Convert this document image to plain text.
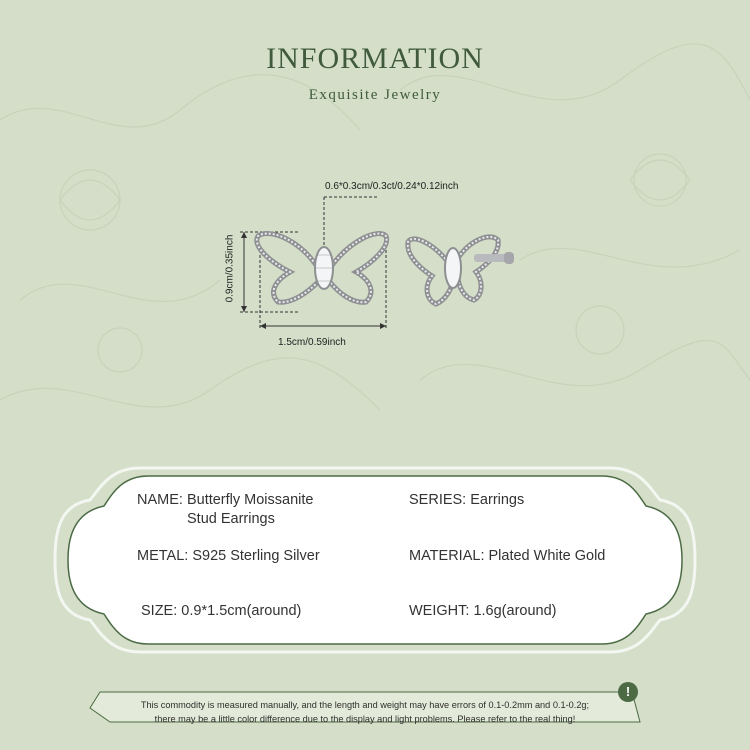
INFORMATION
Exquisite Jewelry
0.6*0.3cm/0.3ct/0.24*0.12inch
0.9cm/0.35inch
1.5cm/0.59inch
NAME: Butterfly Moissanite
Stud Earrings
SERIES: Earrings
METAL: S925 Sterling Silver	MATERIAL: Plated White Gold
SIZE: 0.9*1.5cm(around)	WEIGHT: 1.6g(around)
!
This commodity is measured manually, and the length and weight may have errors of 0.1-0.2mm and 0.1-0.2g;
there may be a little color difference due to the display and light problems. Please refer to the real thing!
